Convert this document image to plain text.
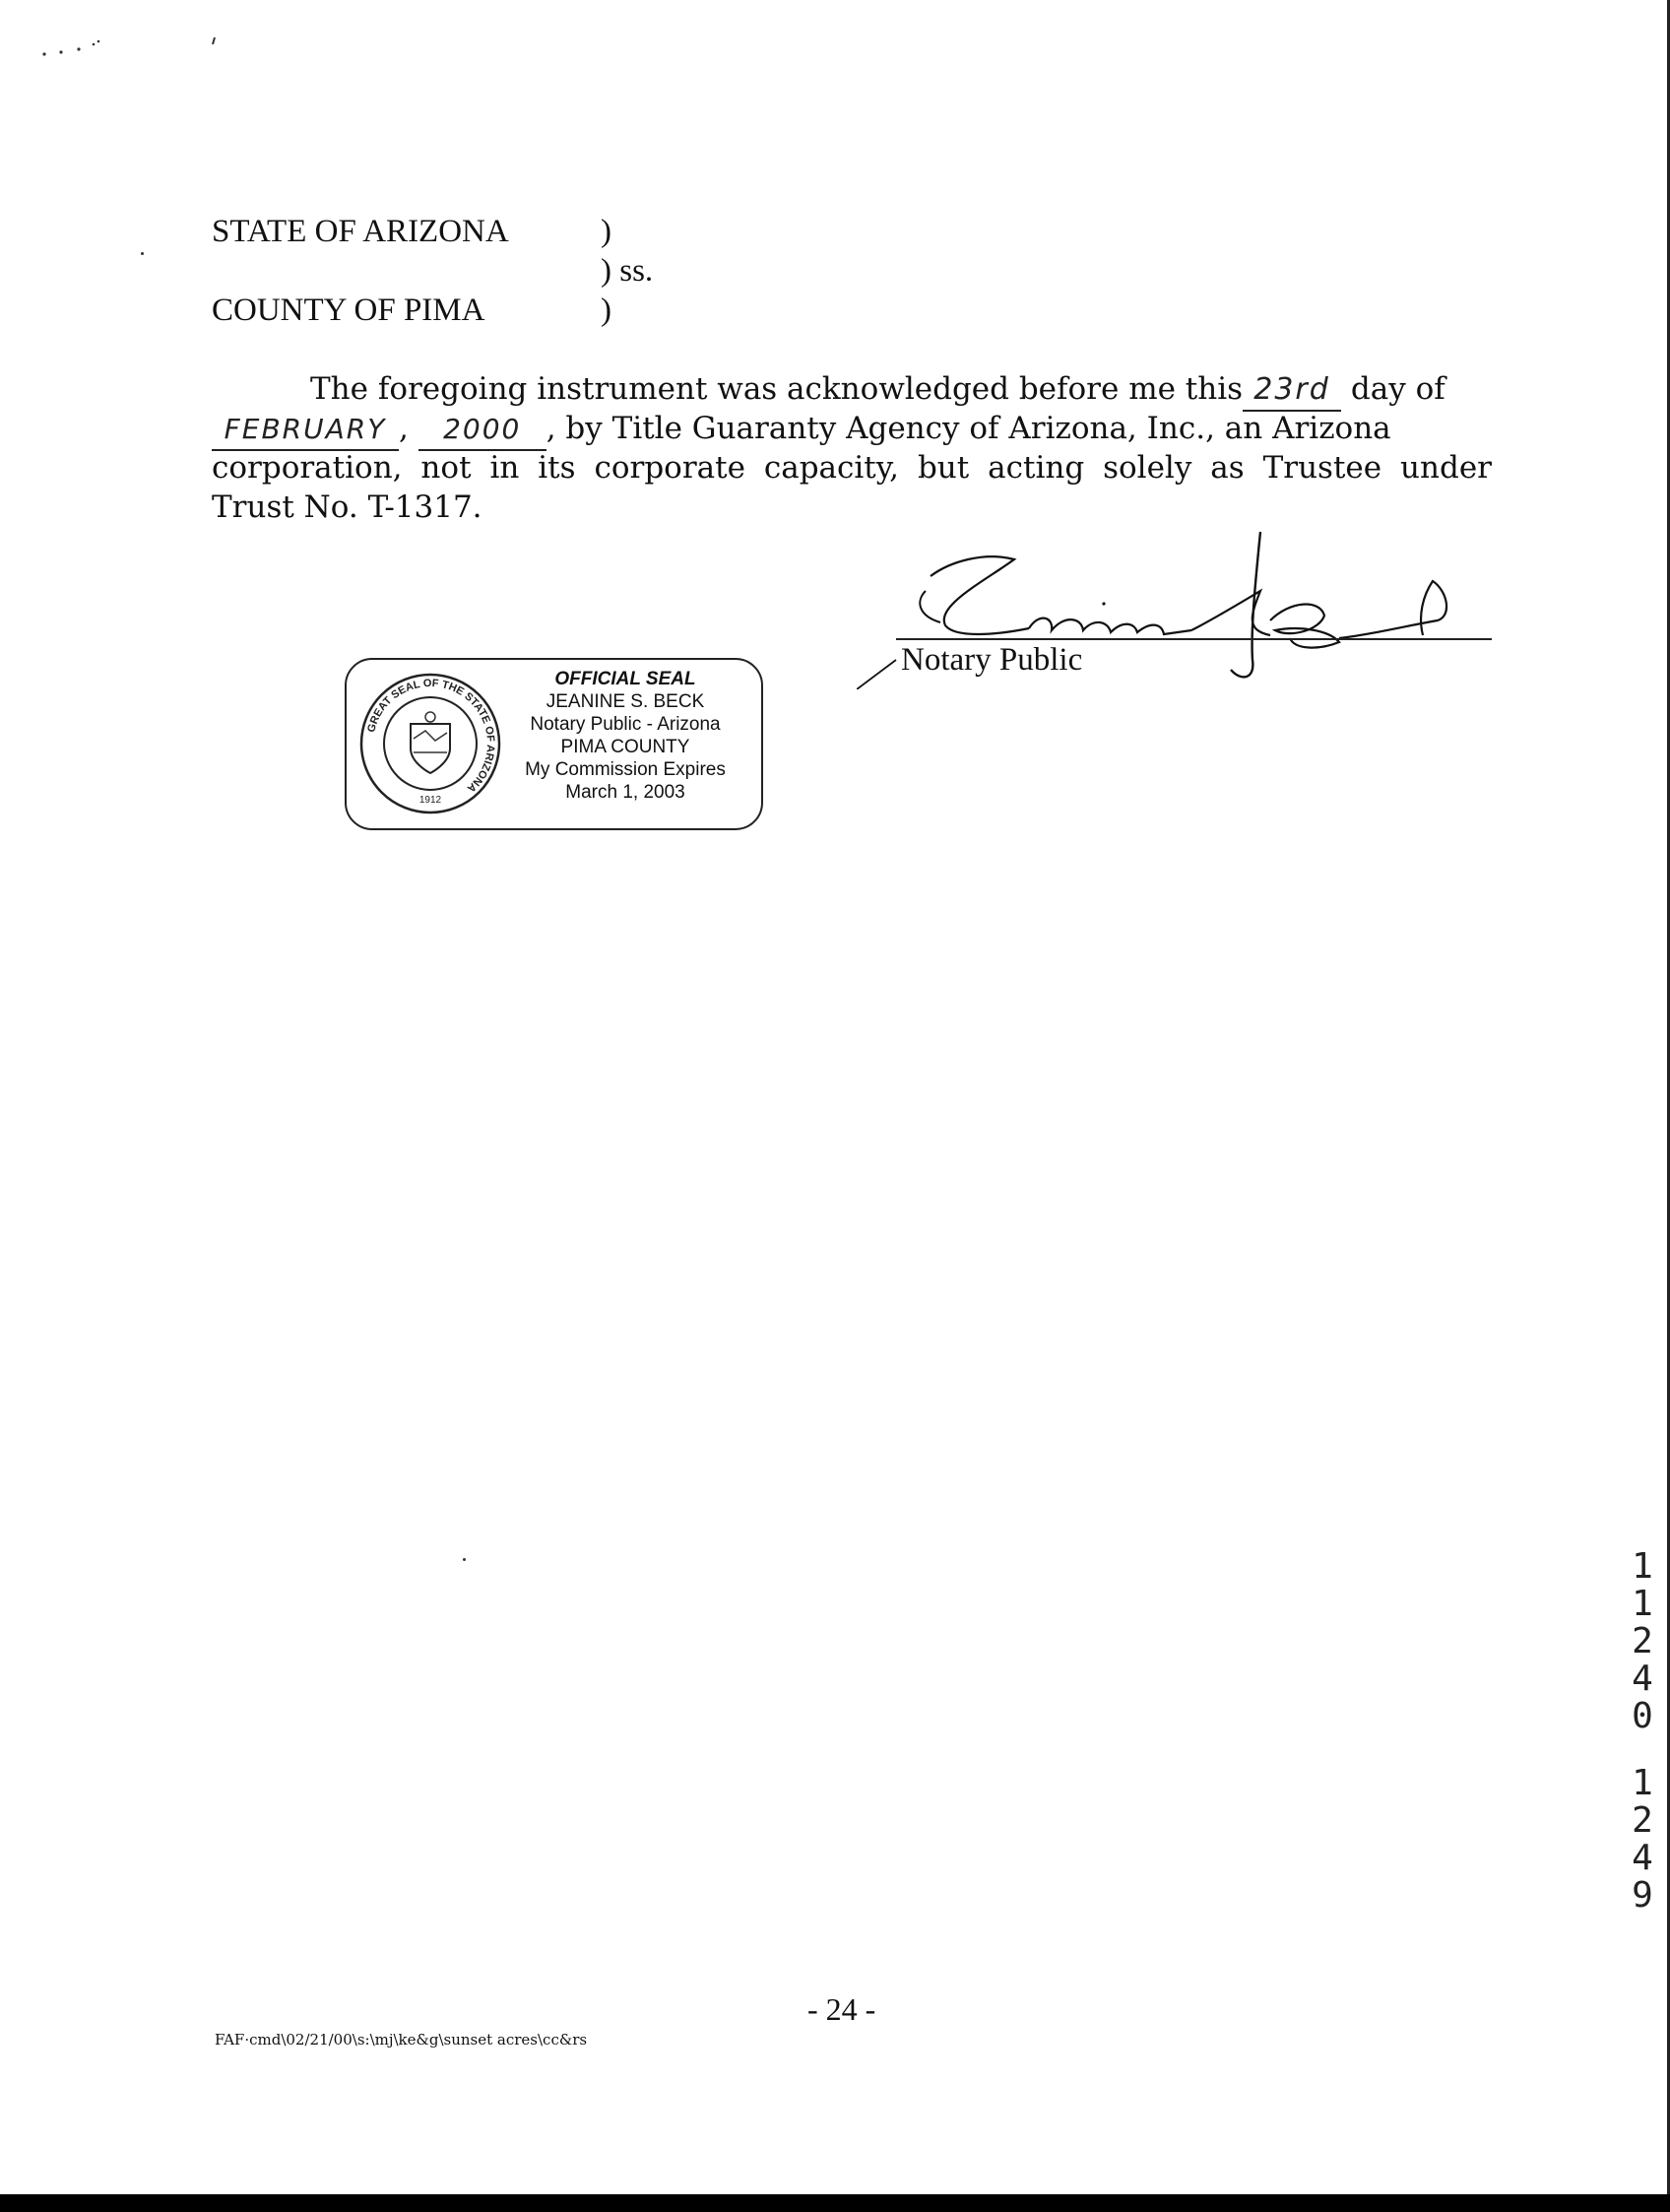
STATE OF ARIZONA
COUNTY OF PIMA
)
) ss.
)
The foregoing instrument was acknowledged before me this 23rd day of
FEBRUARY , 2000 , by Title Guaranty Agency of Arizona, Inc., an Arizona
corporation, not in its corporate capacity, but acting solely as Trustee under
Trust No. T-1317.
Notary Public
GREAT SEAL OF THE STATE OF ARIZONA
1912
OFFICIAL SEAL
JEANINE S. BECK
Notary Public - Arizona
PIMA COUNTY
My Commission Expires
March 1, 2003
1
1
2
4
0
1
2
4
9
- 24 -
FAF·cmd\02/21/00\s:\mj\ke&g\sunset acres\cc&rs
